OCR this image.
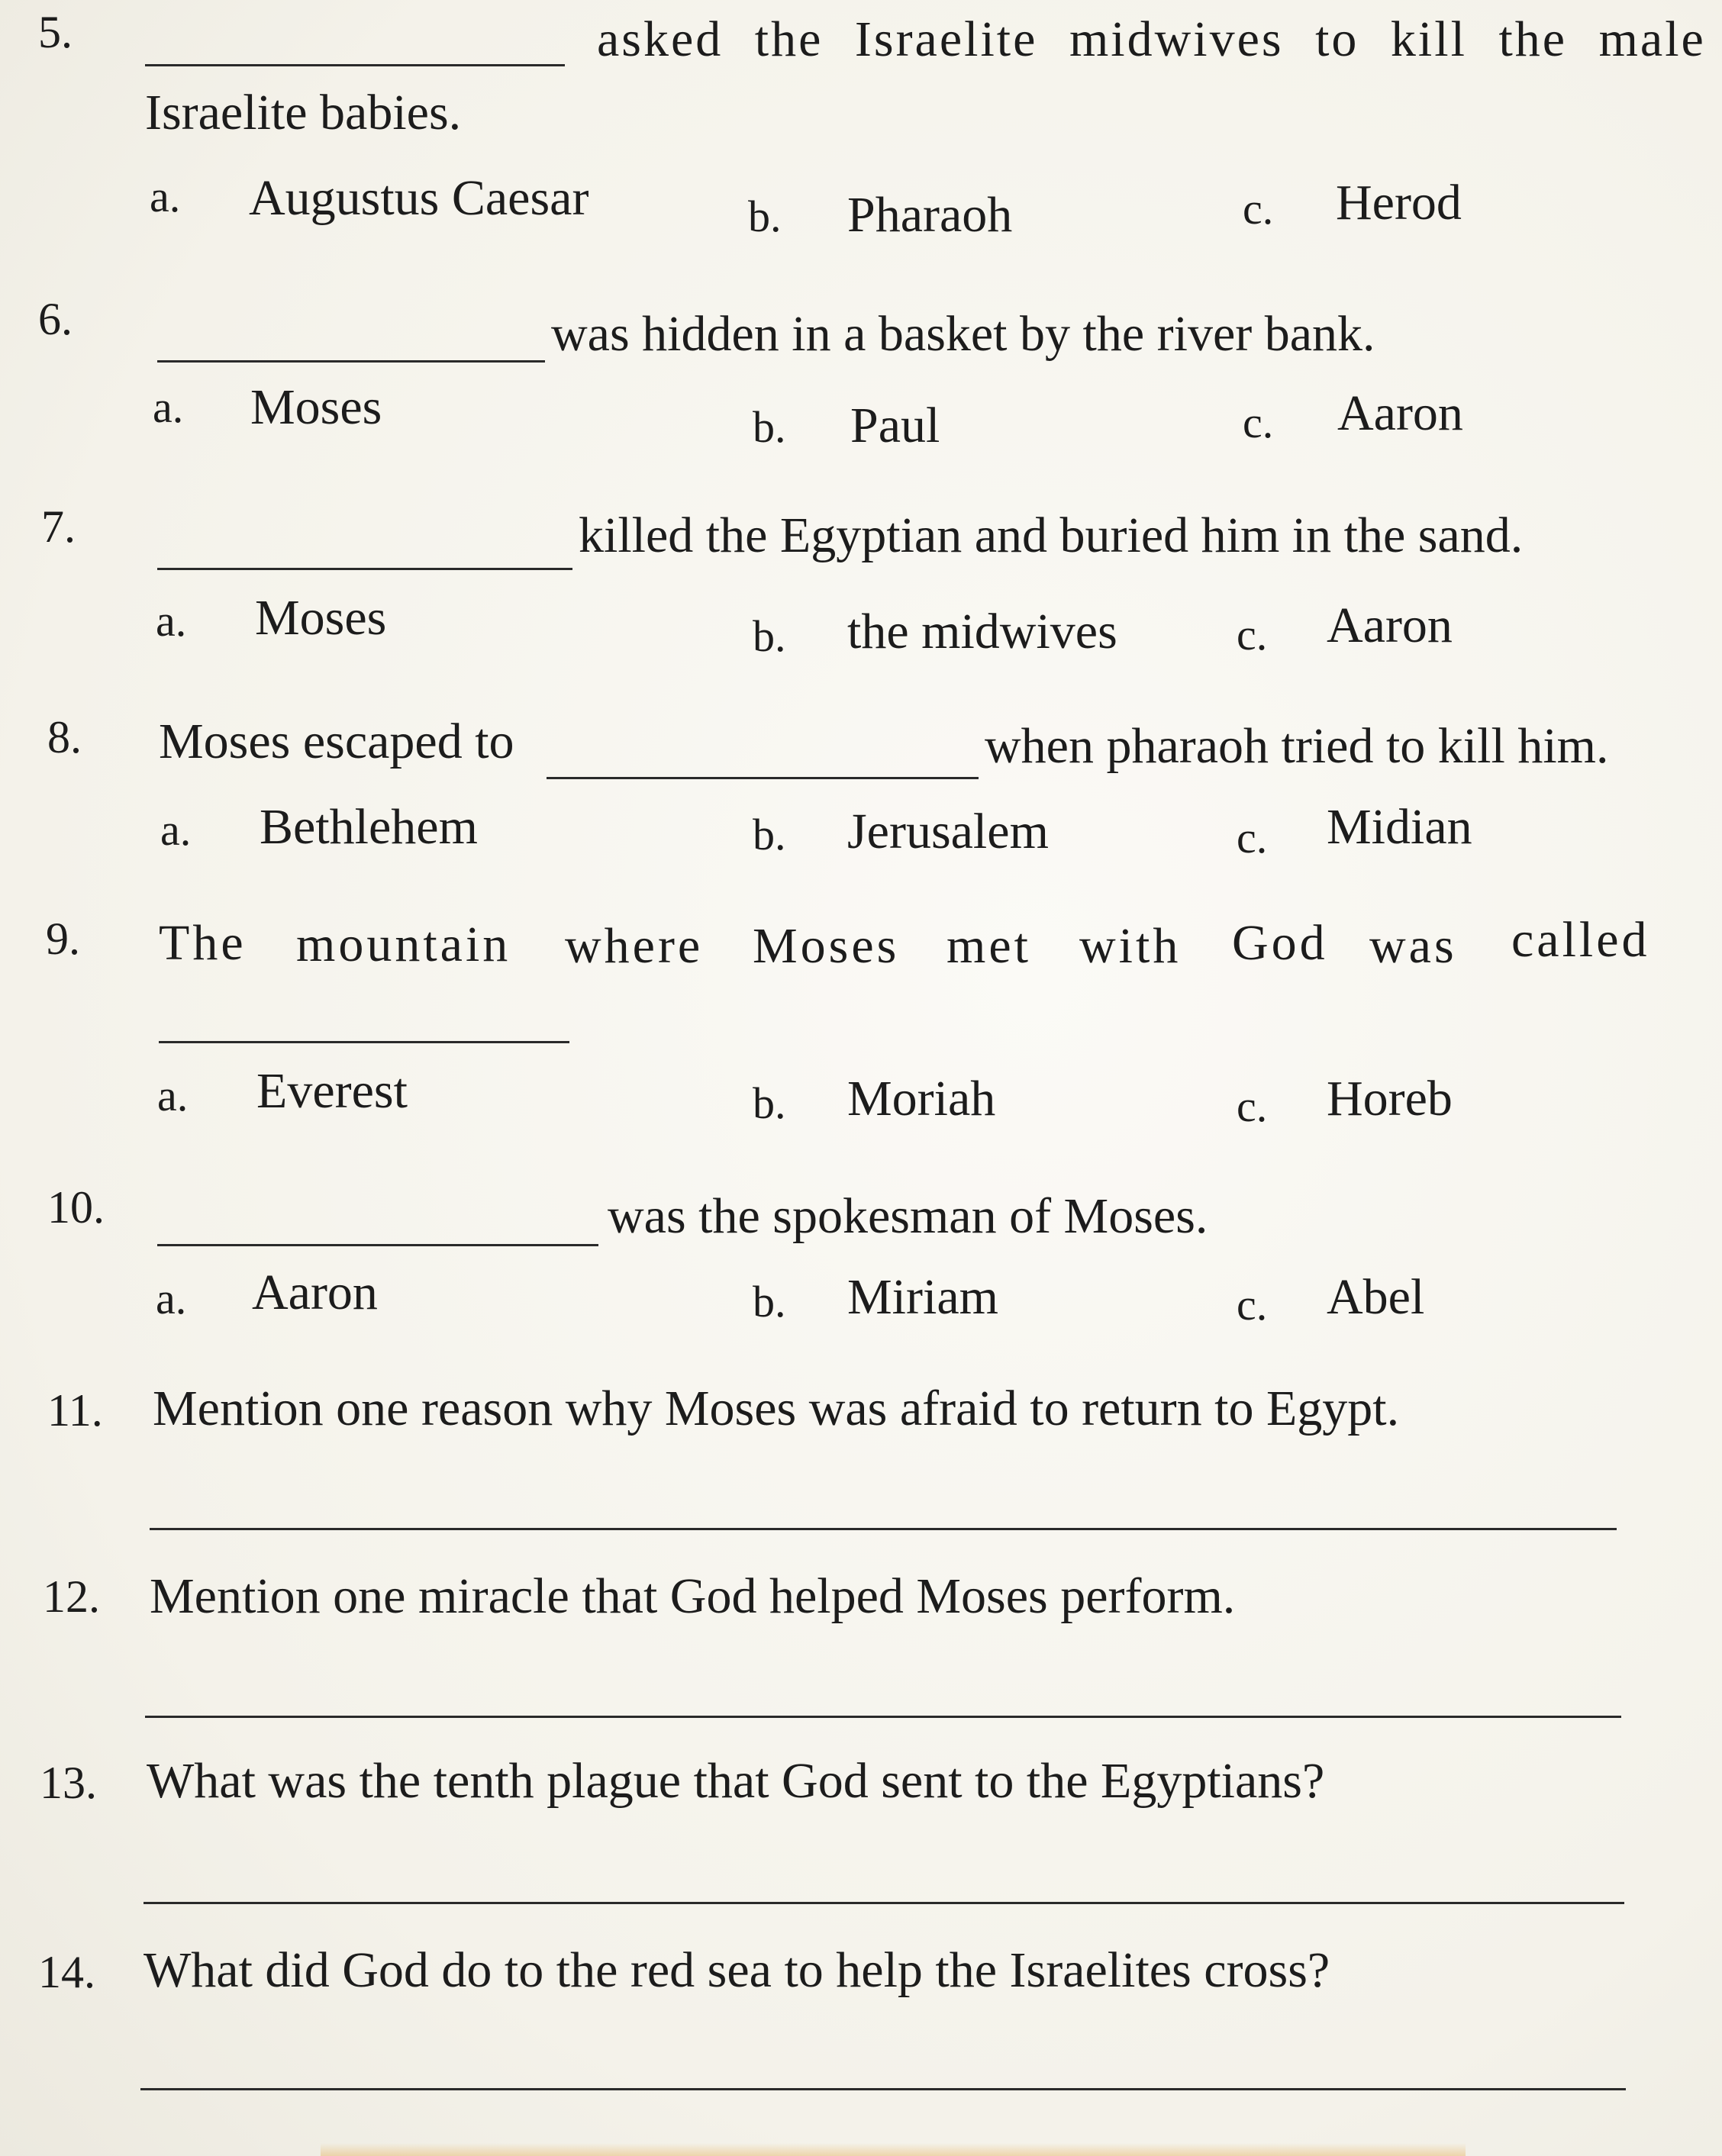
5.	asked the Israelite midwives to kill the male
Israelite babies.
a. Augustus Caesar	b. Pharaoh	c. Herod
6.	was hidden in a basket by the river bank.
a. Moses	b. Paul	c. Aaron
7.	killed the Egyptian and buried him in the sand.
a. Moses	b. the midwives	c. Aaron
8. Moses escaped to	when pharaoh tried to kill him.
a. Bethlehem	b. Jerusalem	c. Midian
9. The mountain where Moses met with God was called
a. Everest	b. Moriah	c. Horeb
10.	was the spokesman of Moses.
a. Aaron	b. Miriam	c. Abel
11. Mention one reason why Moses was afraid to return to Egypt.
12. Mention one miracle that God helped Moses perform.
13. What was the tenth plague that God sent to the Egyptians?
14. What did God do to the red sea to help the Israelites cross?
